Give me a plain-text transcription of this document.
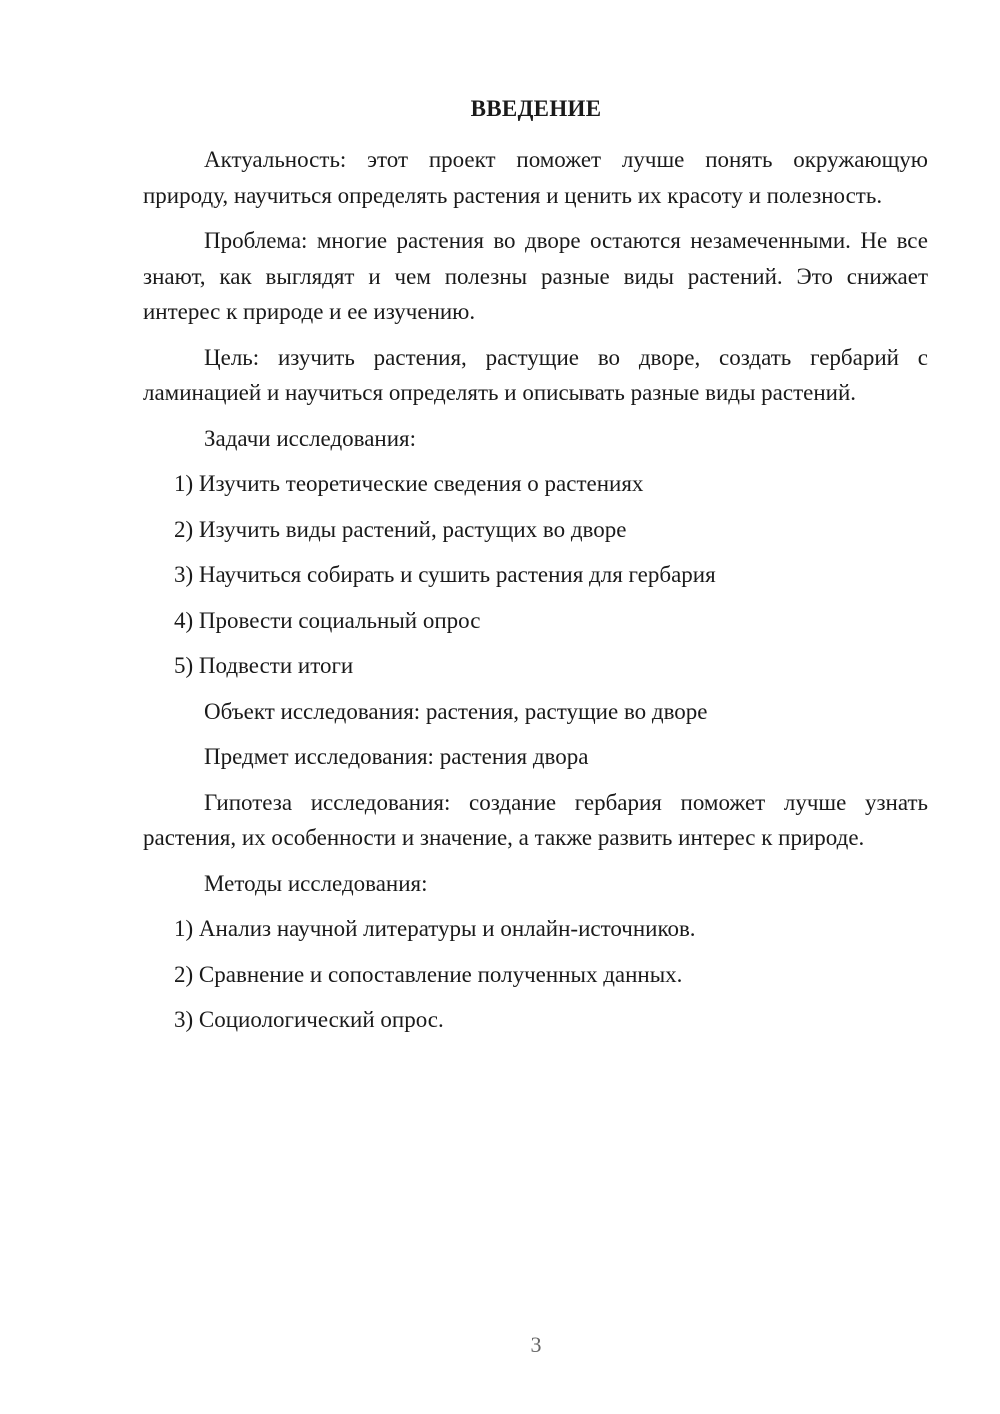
ВВЕДЕНИЕ

Актуальность: этот проект поможет лучше понять окружающую природу, научиться определять растения и ценить их красоту и полезность.

Проблема: многие растения во дворе остаются незамеченными. Не все знают, как выглядят и чем полезны разные виды растений. Это снижает интерес к природе и ее изучению.

Цель: изучить растения, растущие во дворе, создать гербарий с ламинацией и научиться определять и описывать разные виды растений.

Задачи исследования:
1) Изучить теоретические сведения о растениях
2) Изучить виды растений, растущих во дворе
3) Научиться собирать и сушить растения для гербария
4) Провести социальный опрос
5) Подвести итоги
Объект исследования: растения, растущие во дворе
Предмет исследования: растения двора

Гипотеза исследования: создание гербария поможет лучше узнать растения, их особенности и значение, а также развить интерес к природе.

Методы исследования:
1) Анализ научной литературы и онлайн-источников.
2) Сравнение и сопоставление полученных данных.
3) Социологический опрос.
3
